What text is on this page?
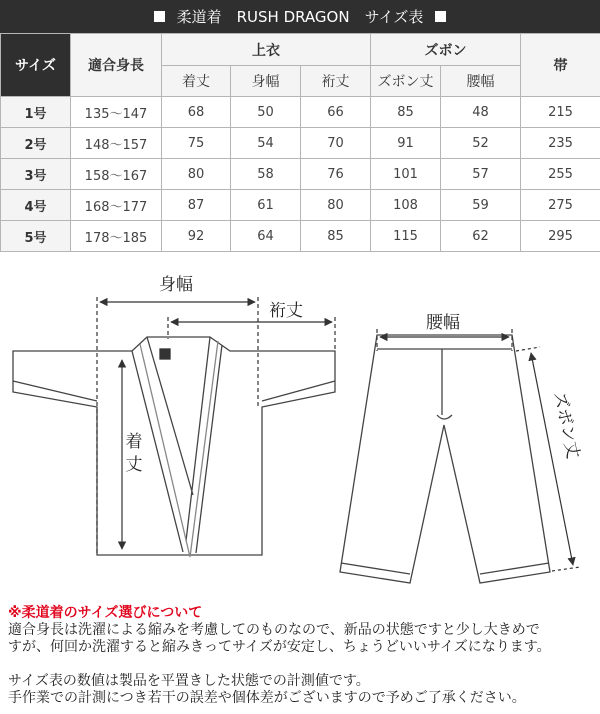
柔道着　RUSH DRAGON　サイズ表
サイズ	適合身長	上衣			ズボン		帯
		着丈	身幅	裄丈	ズボン丈	腰幅	
1号	135〜147	68	50	66	85	48	215
2号	148〜157	75	54	70	91	52	235
3号	158〜167	80	58	76	101	57	255
4号	168〜177	87	61	80	108	59	275
5号	178〜185	92	64	85	115	62	295
身幅
裄丈
着
丈
腰幅
ズボン丈
※柔道着のサイズ選びについて
適合身長は洗濯による縮みを考慮してのものなので、新品の状態ですと少し大きめで
すが、何回か洗濯すると縮みきってサイズが安定し、ちょうどいいサイズになります。
サイズ表の数値は製品を平置きした状態での計測値です。
手作業での計測につき若干の誤差や個体差がございますので予めご了承ください。
